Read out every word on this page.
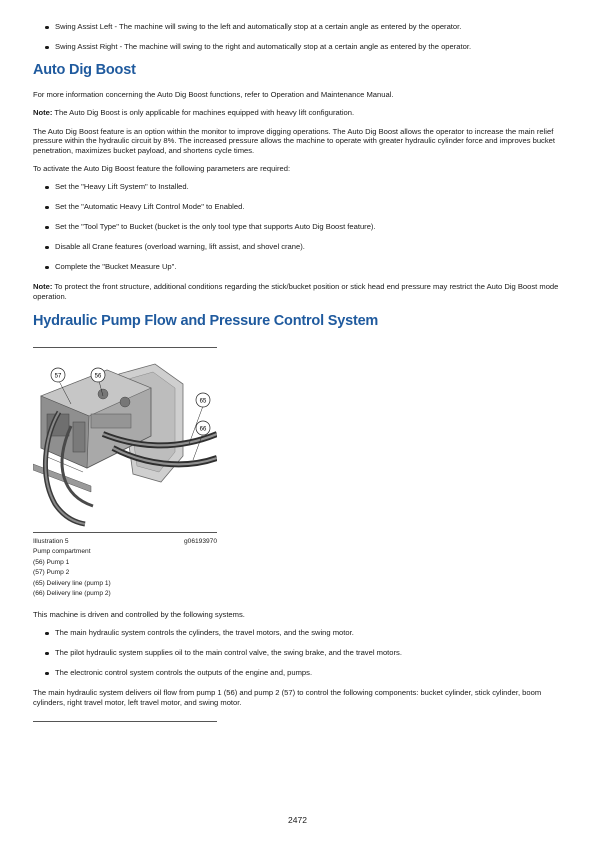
Swing Assist Left - The machine will swing to the left and automatically stop at a certain angle as entered by the operator.
Swing Assist Right - The machine will swing to the right and automatically stop at a certain angle as entered by the operator.
Auto Dig Boost

For more information concerning the Auto Dig Boost functions, refer to Operation and Maintenance Manual.

Note: The Auto Dig Boost is only applicable for machines equipped with heavy lift configuration.

The Auto Dig Boost feature is an option within the monitor to improve digging operations. The Auto Dig Boost allows the operator to increase the main relief pressure within the hydraulic circuit by 8%. The increased pressure allows the machine to operate with greater hydraulic cylinder force and improves bucket penetration, maximizes bucket payload, and shortens cycle times.

To activate the Auto Dig Boost feature the following parameters are required:

Set the "Heavy Lift System" to Installed.
Set the "Automatic Heavy Lift Control Mode" to Enabled.
Set the "Tool Type" to Bucket (bucket is the only tool type that supports Auto Dig Boost feature).
Disable all Crane features (overload warning, lift assist, and shovel crane).
Complete the "Bucket Measure Up".

Note: To protect the front structure, additional conditions regarding the stick/bucket position or stick head end pressure may restrict the Auto Dig Boost mode operation.

Hydraulic Pump Flow and Pressure Control System
57	56
65
66
Illustration 5	g06193970
Pump compartment
(56) Pump 1
(57) Pump 2
(65) Delivery line (pump 1)
(66) Delivery line (pump 2)

This machine is driven and controlled by the following systems.

The main hydraulic system controls the cylinders, the travel motors, and the swing motor.
The pilot hydraulic system supplies oil to the main control valve, the swing brake, and the travel motors.
The electronic control system controls the outputs of the engine and, pumps.

The main hydraulic system delivers oil flow from pump 1 (56) and pump 2 (57) to control the following components: bucket cylinder, stick cylinder, boom cylinders, right travel motor, left travel motor, and swing motor.

2472
